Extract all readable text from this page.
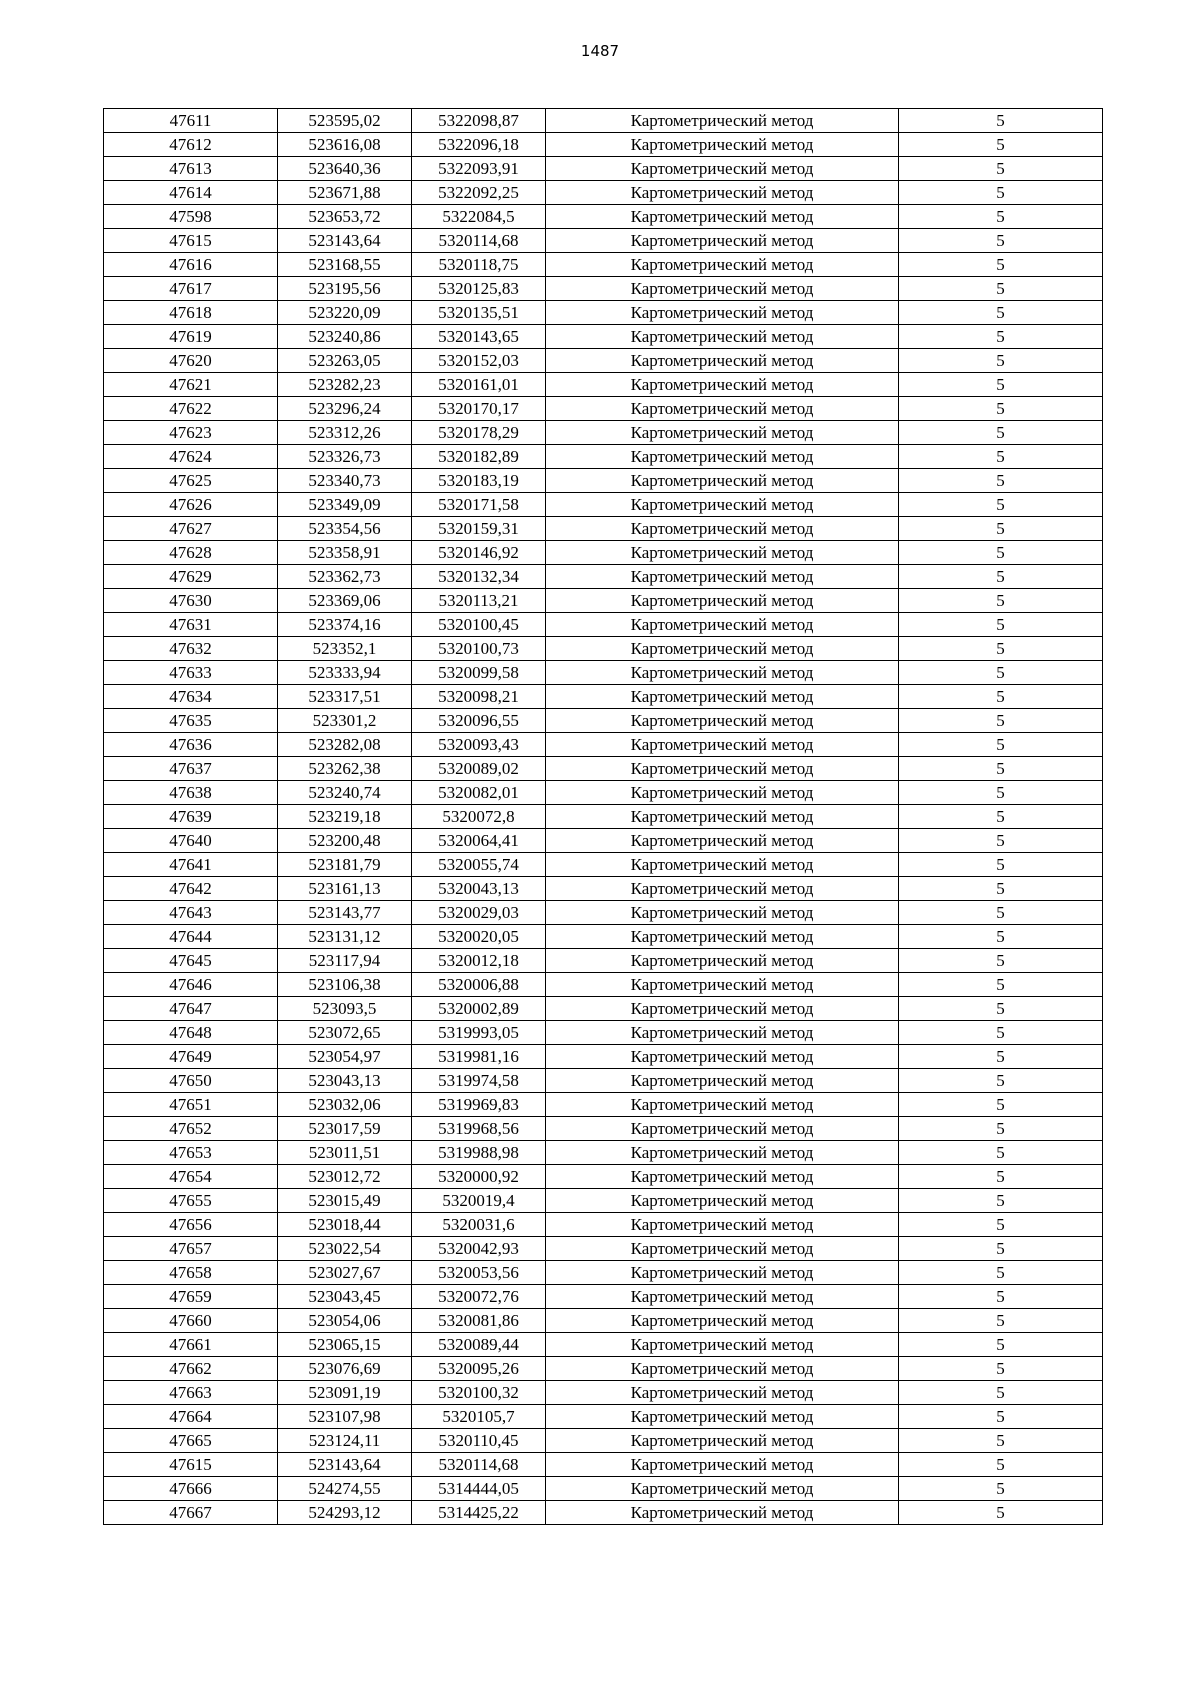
1487
47611	523595,02	5322098,87	Картометрический метод	5
47612	523616,08	5322096,18	Картометрический метод	5
47613	523640,36	5322093,91	Картометрический метод	5
47614	523671,88	5322092,25	Картометрический метод	5
47598	523653,72	5322084,5	Картометрический метод	5
47615	523143,64	5320114,68	Картометрический метод	5
47616	523168,55	5320118,75	Картометрический метод	5
47617	523195,56	5320125,83	Картометрический метод	5
47618	523220,09	5320135,51	Картометрический метод	5
47619	523240,86	5320143,65	Картометрический метод	5
47620	523263,05	5320152,03	Картометрический метод	5
47621	523282,23	5320161,01	Картометрический метод	5
47622	523296,24	5320170,17	Картометрический метод	5
47623	523312,26	5320178,29	Картометрический метод	5
47624	523326,73	5320182,89	Картометрический метод	5
47625	523340,73	5320183,19	Картометрический метод	5
47626	523349,09	5320171,58	Картометрический метод	5
47627	523354,56	5320159,31	Картометрический метод	5
47628	523358,91	5320146,92	Картометрический метод	5
47629	523362,73	5320132,34	Картометрический метод	5
47630	523369,06	5320113,21	Картометрический метод	5
47631	523374,16	5320100,45	Картометрический метод	5
47632	523352,1	5320100,73	Картометрический метод	5
47633	523333,94	5320099,58	Картометрический метод	5
47634	523317,51	5320098,21	Картометрический метод	5
47635	523301,2	5320096,55	Картометрический метод	5
47636	523282,08	5320093,43	Картометрический метод	5
47637	523262,38	5320089,02	Картометрический метод	5
47638	523240,74	5320082,01	Картометрический метод	5
47639	523219,18	5320072,8	Картометрический метод	5
47640	523200,48	5320064,41	Картометрический метод	5
47641	523181,79	5320055,74	Картометрический метод	5
47642	523161,13	5320043,13	Картометрический метод	5
47643	523143,77	5320029,03	Картометрический метод	5
47644	523131,12	5320020,05	Картометрический метод	5
47645	523117,94	5320012,18	Картометрический метод	5
47646	523106,38	5320006,88	Картометрический метод	5
47647	523093,5	5320002,89	Картометрический метод	5
47648	523072,65	5319993,05	Картометрический метод	5
47649	523054,97	5319981,16	Картометрический метод	5
47650	523043,13	5319974,58	Картометрический метод	5
47651	523032,06	5319969,83	Картометрический метод	5
47652	523017,59	5319968,56	Картометрический метод	5
47653	523011,51	5319988,98	Картометрический метод	5
47654	523012,72	5320000,92	Картометрический метод	5
47655	523015,49	5320019,4	Картометрический метод	5
47656	523018,44	5320031,6	Картометрический метод	5
47657	523022,54	5320042,93	Картометрический метод	5
47658	523027,67	5320053,56	Картометрический метод	5
47659	523043,45	5320072,76	Картометрический метод	5
47660	523054,06	5320081,86	Картометрический метод	5
47661	523065,15	5320089,44	Картометрический метод	5
47662	523076,69	5320095,26	Картометрический метод	5
47663	523091,19	5320100,32	Картометрический метод	5
47664	523107,98	5320105,7	Картометрический метод	5
47665	523124,11	5320110,45	Картометрический метод	5
47615	523143,64	5320114,68	Картометрический метод	5
47666	524274,55	5314444,05	Картометрический метод	5
47667	524293,12	5314425,22	Картометрический метод	5
